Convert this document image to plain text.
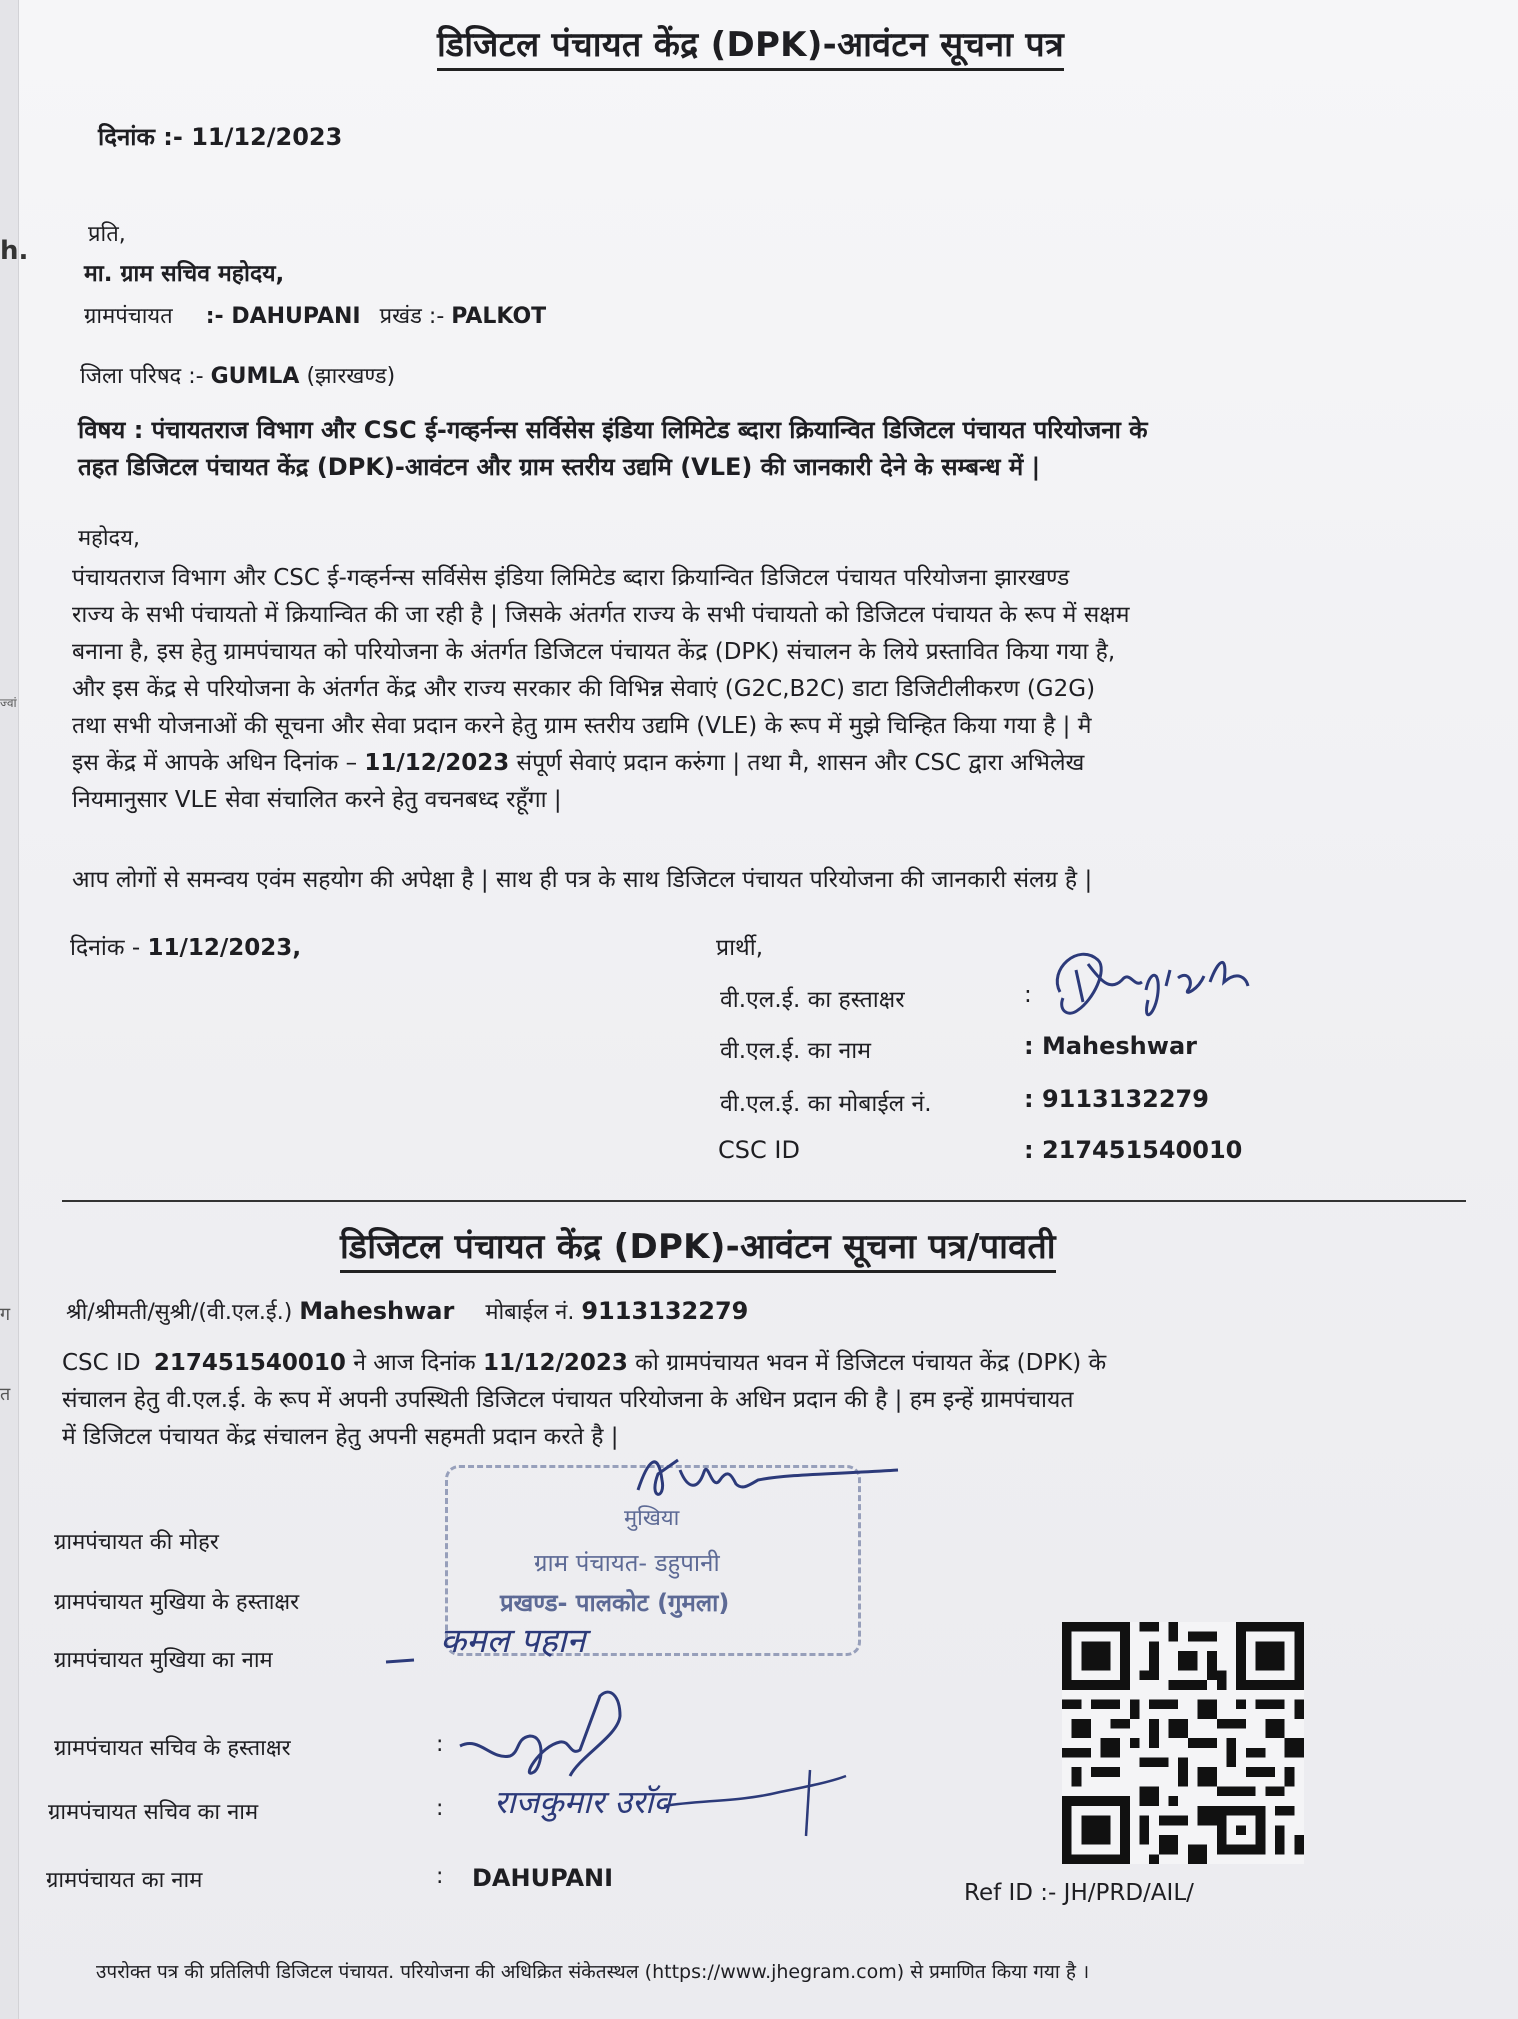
h.
ज्वां
ग
त
डिजिटल पंचायत केंद्र (DPK)-आवंटन सूचना पत्र
दिनांक :- 11/12/2023
प्रति,
मा. ग्राम सचिव महोदय,
ग्रामपंचायत :- DAHUPANI प्रखंड :- PALKOT
जिला परिषद :- GUMLA (झारखण्ड)
विषय : पंचायतराज विभाग और CSC ई-गव्हर्नन्स सर्विसेस इंडिया लिमिटेड ब्दारा क्रियान्वित डिजिटल पंचायत परियोजना के
तहत डिजिटल पंचायत केंद्र (DPK)-आवंटन और ग्राम स्तरीय उद्यमि (VLE) की जानकारी देने के सम्बन्ध में |
महोदय,
पंचायतराज विभाग और CSC ई-गव्हर्नन्स सर्विसेस इंडिया लिमिटेड ब्दारा क्रियान्वित डिजिटल पंचायत परियोजना झारखण्ड
राज्य के सभी पंचायतो में क्रियान्वित की जा रही है | जिसके अंतर्गत राज्य के सभी पंचायतो को डिजिटल पंचायत के रूप में सक्षम
बनाना है, इस हेतु ग्रामपंचायत को परियोजना के अंतर्गत डिजिटल पंचायत केंद्र (DPK) संचालन के लिये प्रस्तावित किया गया है,
और इस केंद्र से परियोजना के अंतर्गत केंद्र और राज्य सरकार की विभिन्न सेवाएं (G2C,B2C) डाटा डिजिटीलीकरण (G2G)
तथा सभी योजनाओं की सूचना और सेवा प्रदान करने हेतु ग्राम स्तरीय उद्यमि (VLE) के रूप में मुझे चिन्हित किया गया है | मै
इस केंद्र में आपके अधिन दिनांक – 11/12/2023 संपूर्ण सेवाएं प्रदान करुंगा | तथा मै, शासन और CSC द्वारा अभिलेख
नियमानुसार VLE सेवा संचालित करने हेतु वचनबध्द रहूँगा |
आप लोगों से समन्वय एवंम सहयोग की अपेक्षा है | साथ ही पत्र के साथ डिजिटल पंचायत परियोजना की जानकारी संलग्र है |
दिनांक - 11/12/2023,	प्रार्थी,
वी.एल.ई. का हस्ताक्षर	:
वी.एल.ई. का नाम	: Maheshwar
वी.एल.ई. का मोबाईल नं.	: 9113132279
CSC ID	: 217451540010
डिजिटल पंचायत केंद्र (DPK)-आवंटन सूचना पत्र/पावती
श्री/श्रीमती/सुश्री/(वी.एल.ई.) Maheshwar मोबाईल नं. 9113132279
CSC ID 217451540010 ने आज दिनांक 11/12/2023 को ग्रामपंचायत भवन में डिजिटल पंचायत केंद्र (DPK) के
संचालन हेतु वी.एल.ई. के रूप में अपनी उपस्थिती डिजिटल पंचायत परियोजना के अधिन प्रदान की है | हम इन्हें ग्रामपंचायत
में डिजिटल पंचायत केंद्र संचालन हेतु अपनी सहमती प्रदान करते है |
मुखिया
ग्राम पंचायत- डहुपानी
प्रखण्ड- पालकोट (गुमला)
ग्रामपंचायत की मोहर
ग्रामपंचायत मुखिया के हस्ताक्षर
ग्रामपंचायत मुखिया का नाम	कमल पहान
ग्रामपंचायत सचिव के हस्ताक्षर	:
ग्रामपंचायत सचिव का नाम	: राजकुमार उरॉव
ग्रामपंचायत का नाम	: DAHUPANI
Ref ID :- JH/PRD/AIL/
उपरोक्त पत्र की प्रतिलिपी डिजिटल पंचायत. परियोजना की अधिक्रित संकेतस्थल (https://www.jhegram.com) से प्रमाणित किया गया है ।
